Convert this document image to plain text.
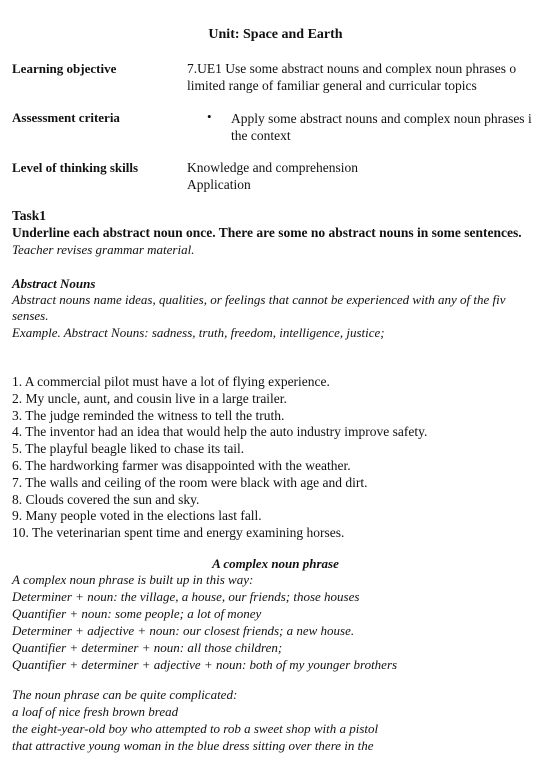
Unit: Space and Earth
Learning objective	7.UE1 Use some abstract nouns and complex noun phrases o
limited range of familiar general and curricular topics
Assessment criteria	• Apply some abstract nouns and complex noun phrases i
the context
Level of thinking skills	Knowledge and comprehension
Application
Task1
Underline each abstract noun once. There are some no abstract nouns in some sentences.
Teacher revises grammar material.
Abstract Nouns
Abstract nouns name ideas, qualities, or feelings that cannot be experienced with any of the fiv
senses.
Example. Abstract Nouns: sadness, truth, freedom, intelligence, justice;
1. A commercial pilot must have a lot of flying experience.
2. My uncle, aunt, and cousin live in a large trailer.
3. The judge reminded the witness to tell the truth.
4. The inventor had an idea that would help the auto industry improve safety.
5. The playful beagle liked to chase its tail.
6. The hardworking farmer was disappointed with the weather.
7. The walls and ceiling of the room were black with age and dirt.
8. Clouds covered the sun and sky.
9. Many people voted in the elections last fall.
10. The veterinarian spent time and energy examining horses.
A complex noun phrase
A complex noun phrase is built up in this way:
Determiner + noun: the village, a house, our friends; those houses
Quantifier + noun: some people; a lot of money
Determiner + adjective + noun: our closest friends; a new house.
Quantifier + determiner + noun: all those children;
Quantifier + determiner + adjective + noun: both of my younger brothers
The noun phrase can be quite complicated:
a loaf of nice fresh brown bread
the eight-year-old boy who attempted to rob a sweet shop with a pistol
that attractive young woman in the blue dress sitting over there in the
